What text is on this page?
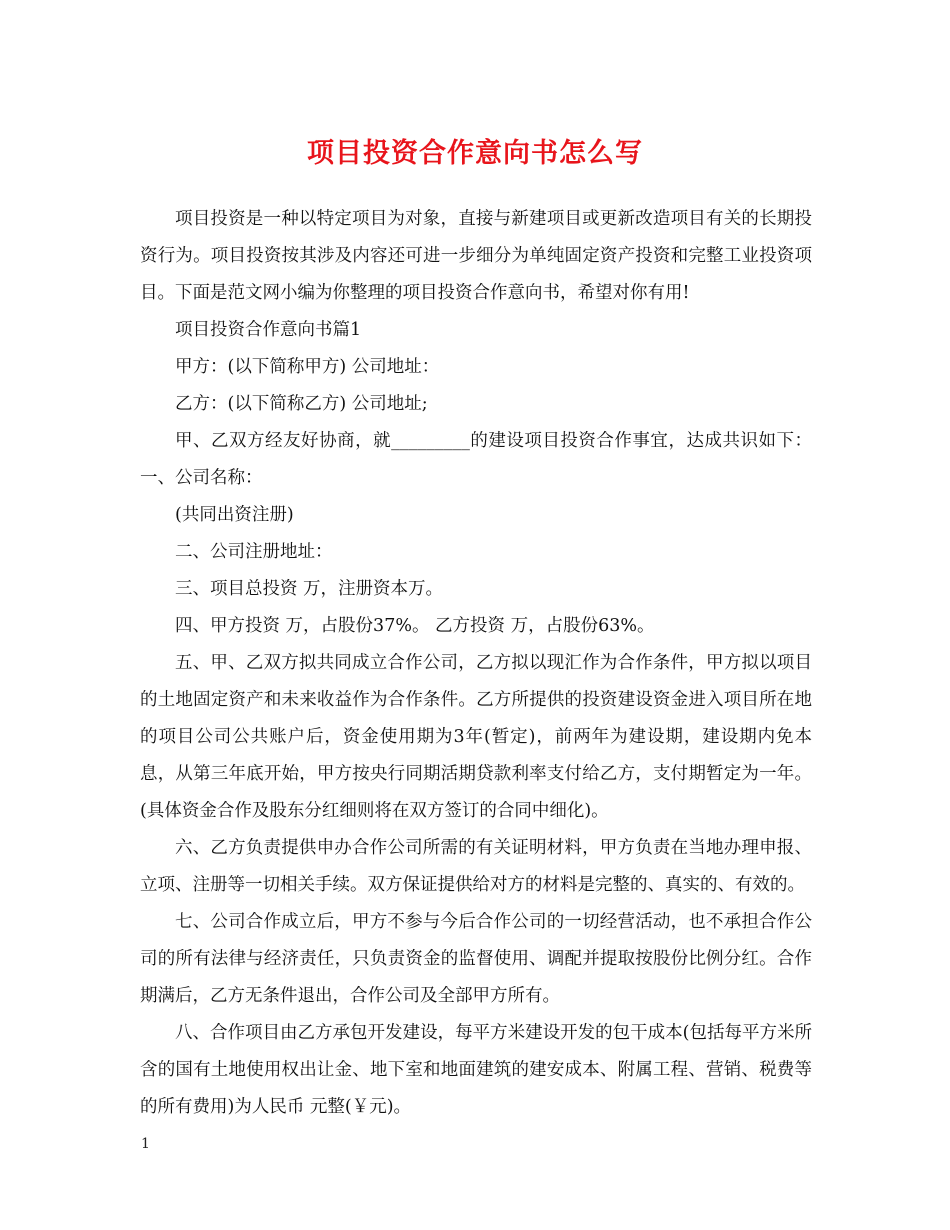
项目投资合作意向书怎么写

项目投资是一种以特定项目为对象，直接与新建项目或更新改造项目有关的长期投资行为。项目投资按其涉及内容还可进一步细分为单纯固定资产投资和完整工业投资项目。下面是范文网小编为你整理的项目投资合作意向书，希望对你有用!

项目投资合作意向书篇1

甲方：(以下简称甲方) 公司地址：

乙方：(以下简称乙方) 公司地址;

甲、乙双方经友好协商，就_________的建设项目投资合作事宜，达成共识如下：一、公司名称：

(共同出资注册)

二、公司注册地址：

三、项目总投资 万，注册资本万。

四、甲方投资 万，占股份37%。 乙方投资 万，占股份63%。

五、甲、乙双方拟共同成立合作公司，乙方拟以现汇作为合作条件，甲方拟以项目的土地固定资产和未来收益作为合作条件。乙方所提供的投资建设资金进入项目所在地的项目公司公共账户后，资金使用期为3年(暂定)，前两年为建设期，建设期内免本息，从第三年底开始，甲方按央行同期活期贷款利率支付给乙方，支付期暂定为一年。(具体资金合作及股东分红细则将在双方签订的合同中细化)。

六、乙方负责提供申办合作公司所需的有关证明材料，甲方负责在当地办理申报、立项、注册等一切相关手续。双方保证提供给对方的材料是完整的、真实的、有效的。

七、公司合作成立后，甲方不参与今后合作公司的一切经营活动，也不承担合作公司的所有法律与经济责任，只负责资金的监督使用、调配并提取按股份比例分红。合作期满后，乙方无条件退出，合作公司及全部甲方所有。

八、合作项目由乙方承包开发建设，每平方米建设开发的包干成本(包括每平方米所含的国有土地使用权出让金、地下室和地面建筑的建安成本、附属工程、营销、税费等的所有费用)为人民币 元整(￥元)。

1
